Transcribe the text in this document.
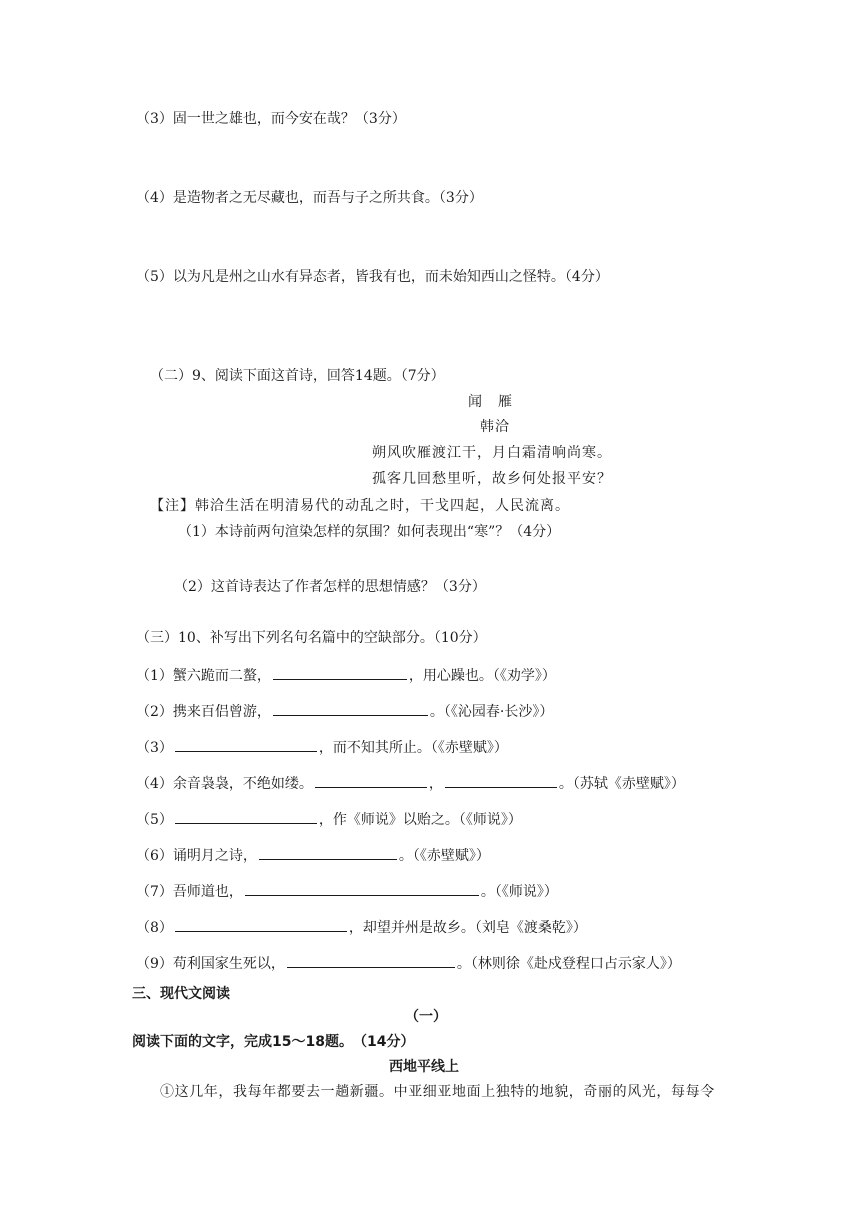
（3）固一世之雄也，而今安在哉？（3分）
（4）是造物者之无尽藏也，而吾与子之所共食。（3分）
（5）以为凡是州之山水有异态者，皆我有也，而未始知西山之怪特。（4分）
（二）9、阅读下面这首诗，回答14题。（7分）
闻　雁
韩洽
朔风吹雁渡江干，月白霜清响尚寒。
孤客几回愁里听，故乡何处报平安？
【注】韩洽生活在明清易代的动乱之时，干戈四起，人民流离。
（1）本诗前两句渲染怎样的氛围？如何表现出“寒”？（4分）
（2）这首诗表达了作者怎样的思想情感？（3分）
（三）10、补写出下列名句名篇中的空缺部分。（10分）
（1）蟹六跪而二螯，	，用心躁也。（《劝学》）
（2）携来百侣曾游，	。（《沁园春·长沙》）
（3）	，而不知其所止。（《赤壁赋》）
（4）余音袅袅，不绝如缕。	，	。（苏轼《赤壁赋》）
（5）	，作《师说》以贻之。（《师说》）
（6）诵明月之诗，	。（《赤壁赋》）
（7）吾师道也，	。（《师说》）
（8）	，却望并州是故乡。（刘皂《渡桑乾》）
（9）苟利国家生死以，	。（林则徐《赴戍登程口占示家人》）
三、现代文阅读
（一）
阅读下面的文字，完成15～18题。　（14分）
西地平线上
①这几年，我每年都要去一趟新疆。中亚细亚地面上独特的地貌，奇丽的风光，每每令
